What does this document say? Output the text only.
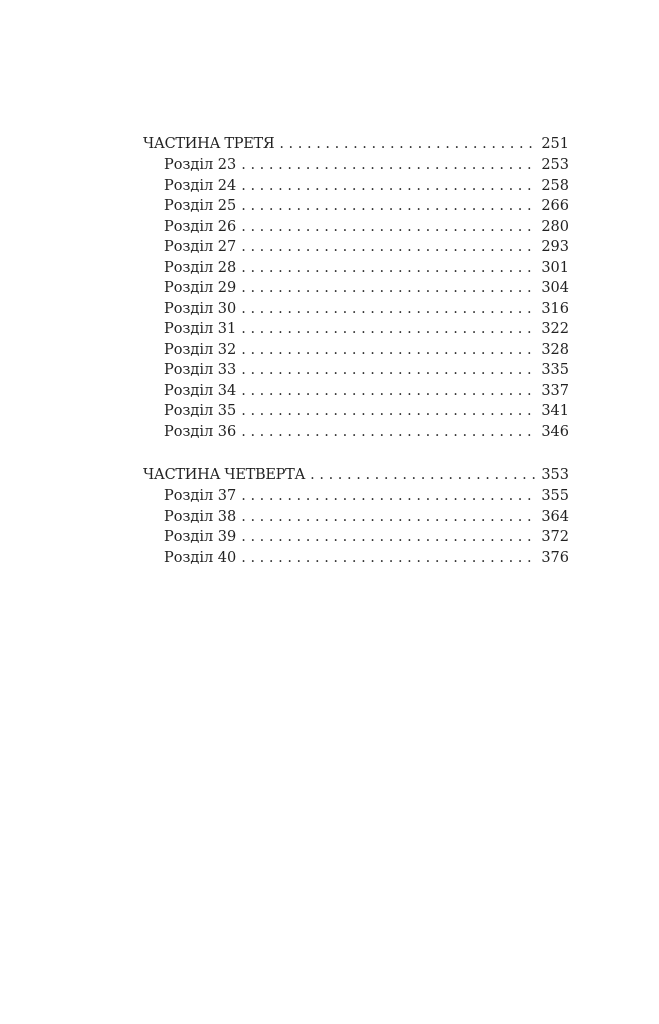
ЧАСТИНА ТРЕТЯ . . .	251
Розділ 23 . . .	253
Розділ 24 . . .	258
Розділ 25 . . .	266
Розділ 26 . . .	280
Розділ 27 . . .	293
Розділ 28 . . .	301
Розділ 29 . . .	304
Розділ 30 . . .	316
Розділ 31 . . .	322
Розділ 32 . . .	328
Розділ 33 . . .	335
Розділ 34 . . .	337
Розділ 35 . . .	341
Розділ 36 . . .	346
ЧАСТИНА ЧЕТВЕРТА . . .	353
Розділ 37 . . .	355
Розділ 38 . . .	364
Розділ 39 . . .	372
Розділ 40 . . .	376
